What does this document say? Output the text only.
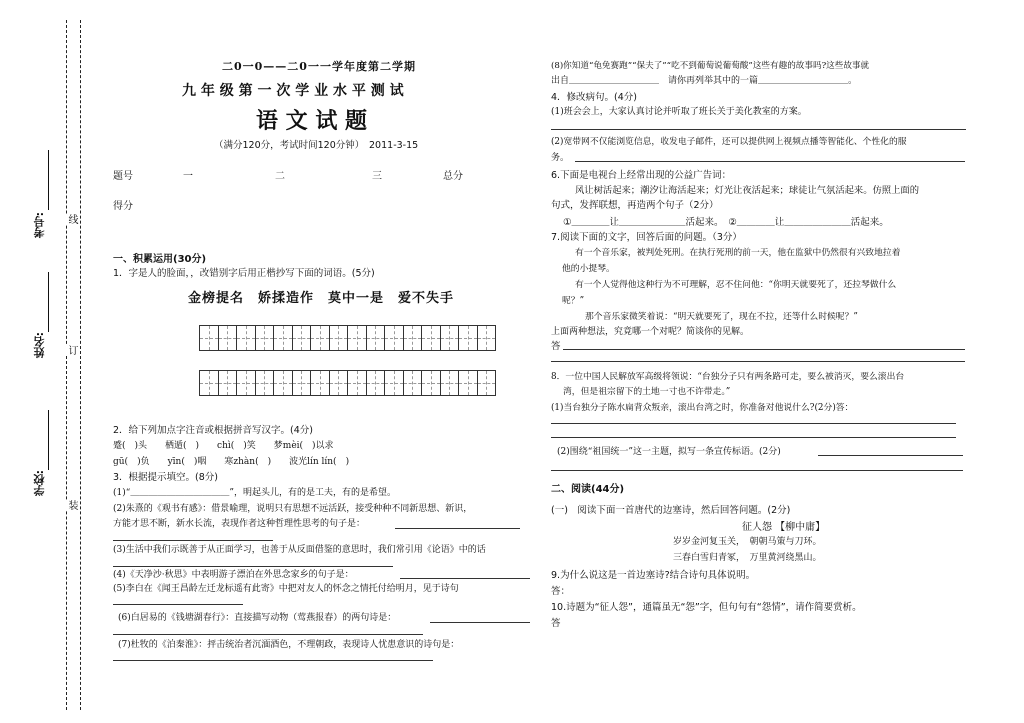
考号: 线
姓名: 订
学校:
装
二0一0——二0一一学年度第二学期
九 年 级 第 一 次 学 业 水 平 测 试
语 文 试 题
（满分120分，考试时间120分钟）　2011-3-15
题号	一	二	三	总分
得分
一、积累运用(30分)
1．字是人的脸面，，改错别字后用正楷抄写下面的词语。(5分)
金榜提名　娇揉造作　莫中一是　爱不失手
2．给下列加点字注音或根据拼音写汉字。(4分)
蹙(　)头　　栖遁(　)　　chì(　)笑　　梦mèi(　)以求
gū(　)负　　yīn(　)咽　　寒zhàn(　)　　波光lín lín(　)
3．根据提示填空。(8分)
(1)“＿＿＿＿＿＿＿＿＿＿＿”，明起头儿，有的是工夫，有的是希望。
(2)朱熹的《观书有感》：借景喻理，说明只有思想不远活跃，接受种种不同新思想、新识，
方能才思不断，新水长流，表现作者这种哲理性思考的句子是：
(3)生活中我们示既善于从正面学习，也善于从反面借鉴的意思时，我们常引用《论语》中的话
(4)《天净沙·秋思》中表明游子漂泊在外思念家乡的句子是：
(5)李白在《闻王昌龄左迁龙标遥有此寄》中把对友人的怀念之情托付给明月，见于诗句
(6)白居易的《钱塘湖春行》：直接描写动物（莺燕报春）的两句诗是：
(7)杜牧的《泊秦淮》：抨击统治者沉湎酒色，不理朝政，表现诗人忧患意识的诗句是：
(8)你知道“龟免赛跑”“保夫了”“吃不到葡萄说葡萄酸”这些有趣的故事吗?这些故事就
出自＿＿＿＿＿＿＿＿＿＿　请你再列举其中的一篇＿＿＿＿＿＿＿＿＿＿。
4．修改病句。(4分)
(1)班会会上，大家认真讨论并听取了班长关于美化教室的方案。
(2)宽带网不仅能浏览信息，收发电子邮件，还可以提供网上视频点播等智能化、个性化的服
务。
6.下面是电视台上经常出现的公益广告词：
风让树活起来；潮汐让海活起来；灯光让夜活起来；球徒让气氛活起来。仿照上面的
句式，发挥联想，再造两个句子（2分）
①＿＿＿＿让＿＿＿＿＿＿＿活起来。　②＿＿＿＿让＿＿＿＿＿＿＿活起来。
7.阅读下面的文字，回答后面的问题。（3分）
有一个音乐家，被判处死刑。在执行死刑的前一天，他在监狱中仍然很有兴致地拉着
他的小提琴。
有一个人觉得他这种行为不可理解，忍不住问他：“你明天就要死了，还拉琴做什么
呢？”
那个音乐家微笑着说：“明天就要死了，现在不拉，还等什么时候呢？”
上面两种想法，究竟哪一个对呢？简谈你的见解。
答
8．一位中国人民解放军高级将领说：“台独分子只有两条路可走，要么被消灭，要么滚出台
湾，但是祖宗留下的土地一寸也不许带走。”
(1)当台独分子陈水扁背众叛亲，滚出台湾之时，你准备对他说什么?(2分)答：
(2)围绕“祖国统一”这一主题，拟写一条宣传标语。(2分)
二、阅读(44分)
(一)　阅读下面一首唐代的边塞诗，然后回答问题。(2分)
征人怨 【柳中庸】
岁岁金河复玉关，　朝朝马策与刀环。
三春白雪归青冢，　万里黄河绕黑山。
9.为什么说这是一首边塞诗?结合诗句具体说明。
答：
10.诗题为“征人怨”，通篇虽无“怨”字，但句句有“怨情”，请作简要赏析。
答
